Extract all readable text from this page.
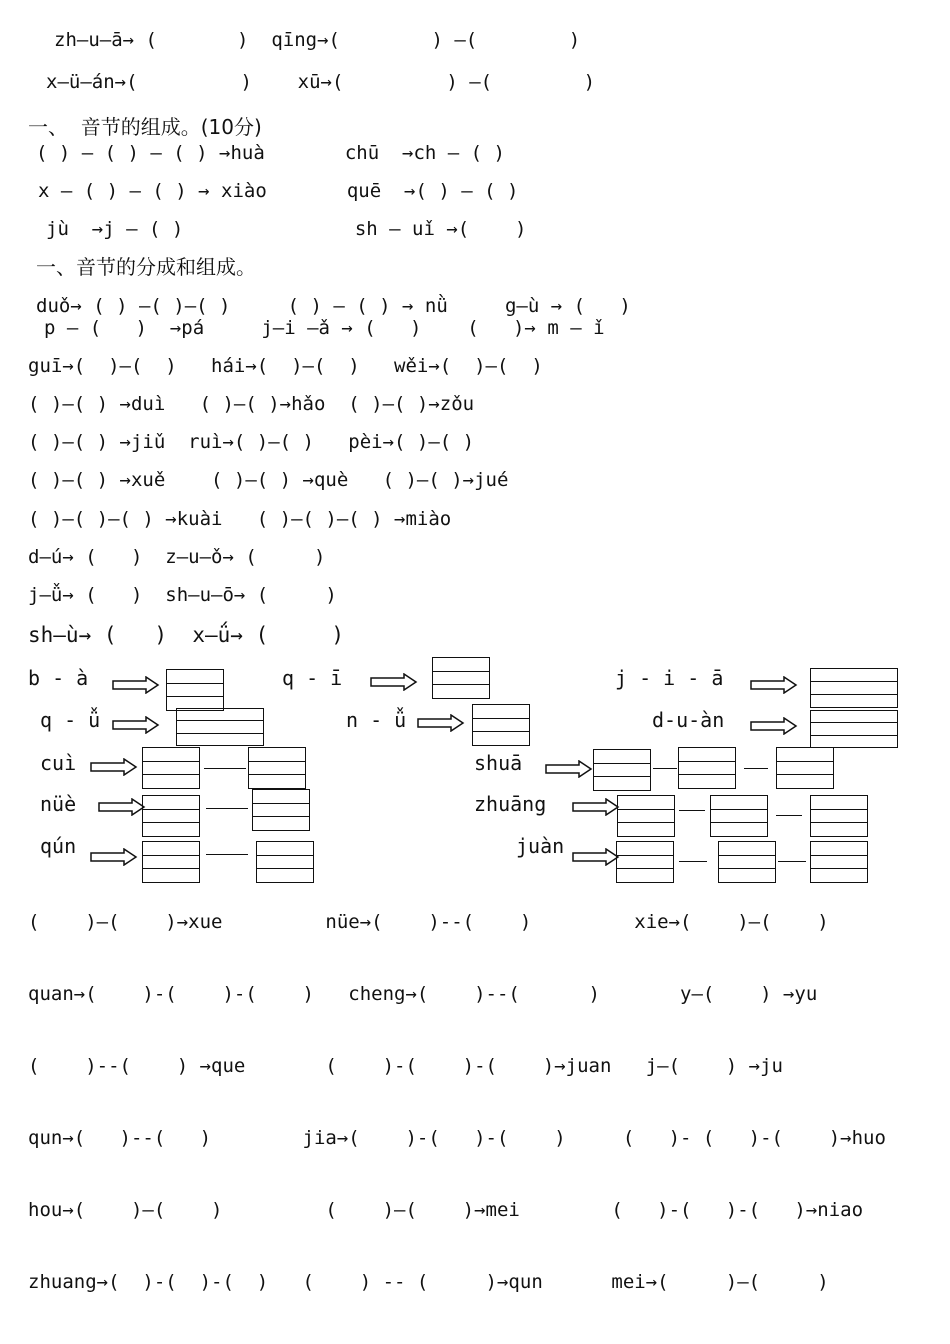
zh—u—ā→ (       )  qīng→(        ) —(        )
x—ü—án→(         )    xū→(         ) —(        )
一、  音节的组成。(10分)
( ) — ( ) — ( ) →huà       chū  →ch — ( )
x — ( ) — ( ) → xiào       quē  →( ) — ( )
jù  →j — ( )               sh — uǐ →(    )
一、音节的分成和组成。
duǒ→ ( ) —( )—( )     ( ) — ( ) → nǜ     g—ù → (   )
p — (   )  →pá     j—i —ǎ → (   )    (   )→ m — ǐ
guī→(  )—(  )   hái→(  )—(  )   wěi→(  )—(  )
( )—( ) →duì   ( )—( )→hǎo  ( )—( )→zǒu
( )—( ) →jiǔ  ruì→( )—( )   pèi→( )—( )
( )—( ) →xuě    ( )—( ) →què   ( )—( )→jué
( )—( )—( ) →kuài   ( )—( )—( ) →miào
d—ú→ (   )  z—u—ǒ→ (     )
j—ǚ→ (   )  sh—u—ō→ (     )
sh—ù→ (   )  x—ǘ→ (     )
b - à	q - ī	j - i - ā
q - ǚ	n - ǚ	d-u-àn
cuì	shuā
nüè	zhuāng
qún	juàn
(    )—(    )→xue         nüe→(    )--(    )         xie→(    )—(    )
quan→(    )-(    )-(    )   cheng→(    )--(      )       y—(    ) →yu
(    )--(    ) →que       (    )-(    )-(    )→juan   j—(    ) →ju
qun→(   )--(   )        jia→(    )-(   )-(    )     (   )- (   )-(    )→huo
hou→(    )—(    )         (    )—(    )→mei        (   )-(   )-(   )→niao
zhuang→(  )-(  )-(  )   (    ) -- (     )→qun      mei→(     )—(     )
